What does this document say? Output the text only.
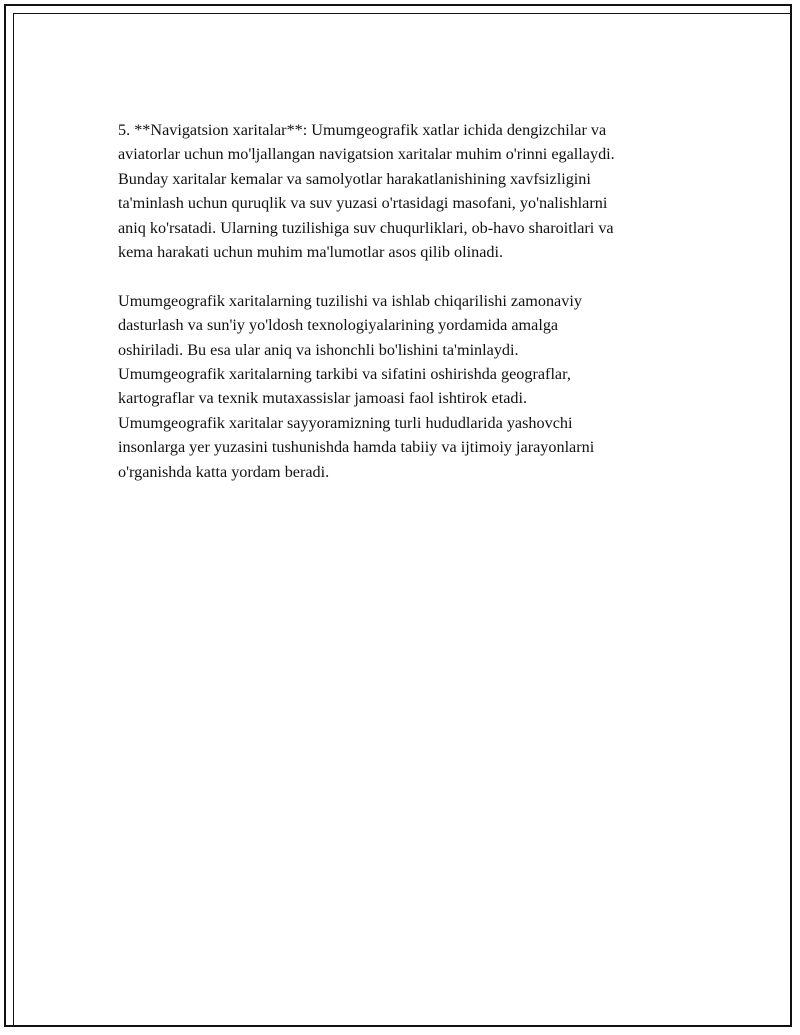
5. **Navigatsion xaritalar**: Umumgeografik xatlar ichida dengizchilar va
aviatorlar uchun mo'ljallangan navigatsion xaritalar muhim o'rinni egallaydi.
Bunday xaritalar kemalar va samolyotlar harakatlanishining xavfsizligini
ta'minlash uchun quruqlik va suv yuzasi o'rtasidagi masofani, yo'nalishlarni
aniq ko'rsatadi. Ularning tuzilishiga suv chuqurliklari, ob-havo sharoitlari va
kema harakati uchun muhim ma'lumotlar asos qilib olinadi.

Umumgeografik xaritalarning tuzilishi va ishlab chiqarilishi zamonaviy
dasturlash va sun'iy yo'ldosh texnologiyalarining yordamida amalga
oshiriladi. Bu esa ular aniq va ishonchli bo'lishini ta'minlaydi.
Umumgeografik xaritalarning tarkibi va sifatini oshirishda geograflar,
kartograflar va texnik mutaxassislar jamoasi faol ishtirok etadi.
Umumgeografik xaritalar sayyoramizning turli hududlarida yashovchi
insonlarga yer yuzasini tushunishda hamda tabiiy va ijtimoiy jarayonlarni
o'rganishda katta yordam beradi.
